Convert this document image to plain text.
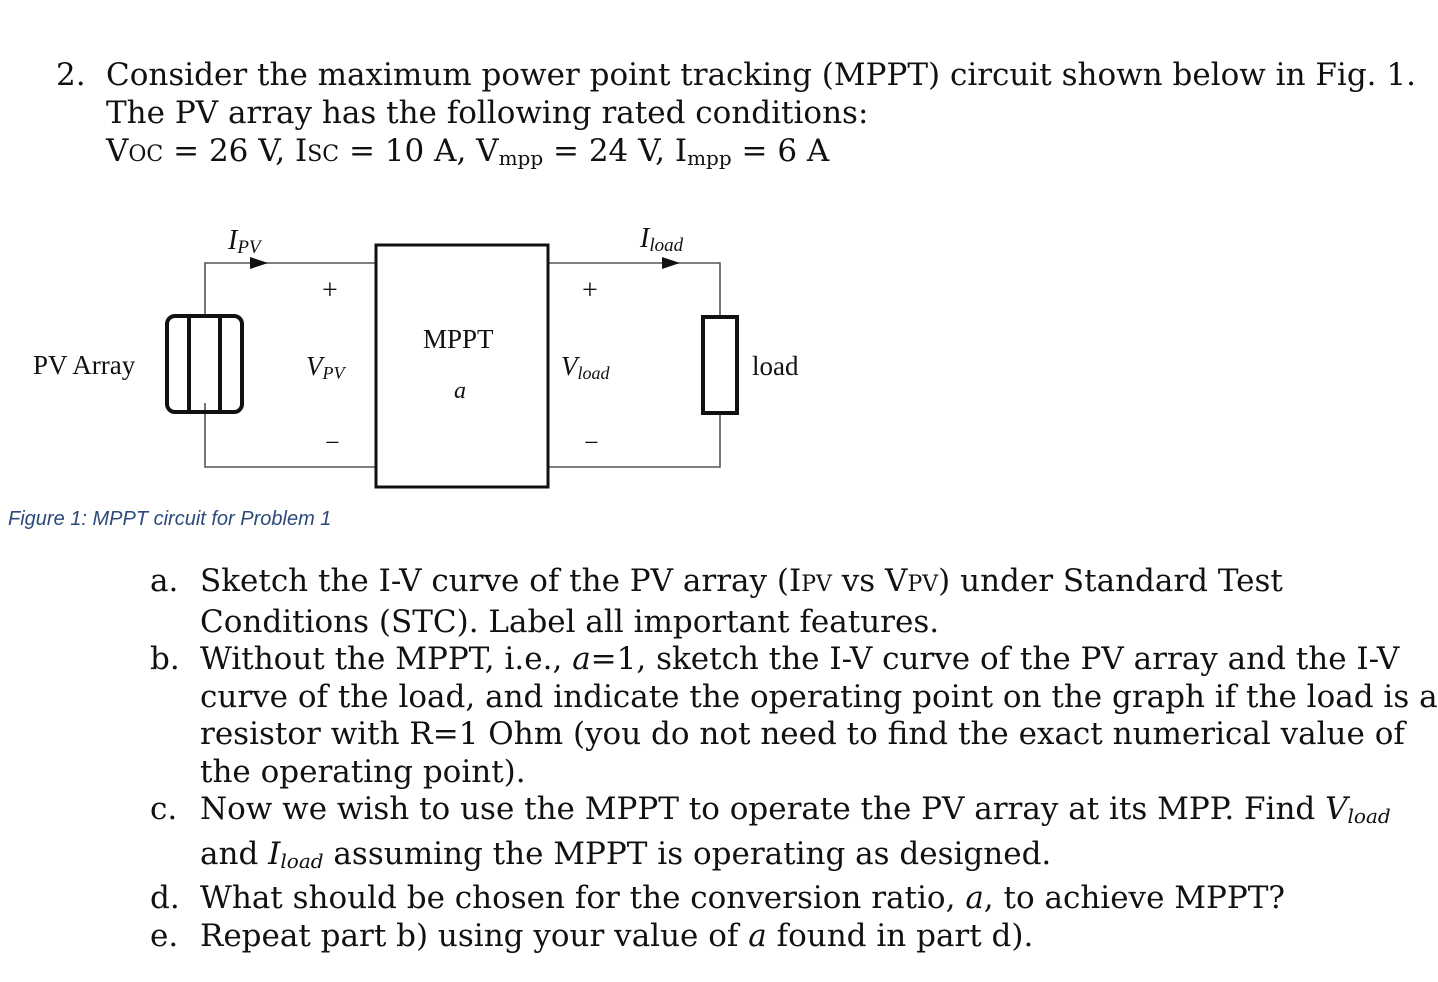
2. Consider the maximum power point tracking (MPPT) circuit shown below in Fig. 1.
The PV array has the following rated conditions:
VOC = 26 V, ISC = 10 A, $V_{mpp} = 24$ V, $I_{mpp} = 6$ A
IPV	Iload
PV Array
+
VPV
−
MPPT
a
+
Vload
−
load
Figure 1: MPPT circuit for Problem 1
a. Sketch the I-V curve of the PV array (IPV vs VPV) under Standard Test
Conditions (STC). Label all important features.
b. Without the MPPT, i.e., a=1, sketch the I-V curve of the PV array and the I-V
curve of the load, and indicate the operating point on the graph if the load is a
resistor with R=1 Ohm (you do not need to find the exact numerical value of
the operating point).
c. Now we wish to use the MPPT to operate the PV array at its MPP. Find $V_{load}$
and $I_{load}$ assuming the MPPT is operating as designed.
d. What should be chosen for the conversion ratio, a, to achieve MPPT?
e. Repeat part b) using your value of a found in part d).
